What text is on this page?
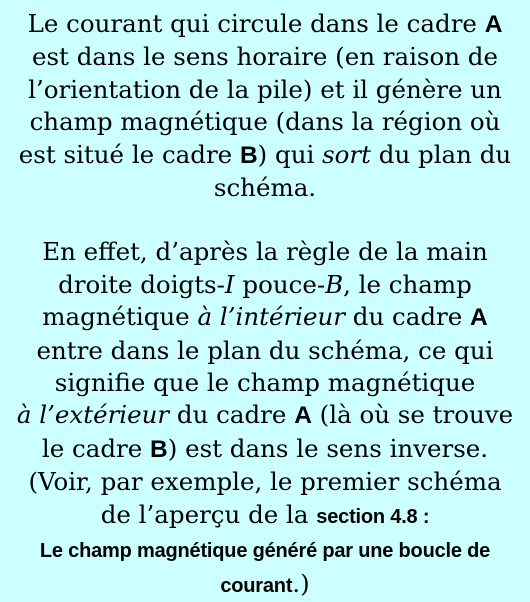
Le courant qui circule dans le cadre A est dans le sens horaire (en raison de l’orientation de la pile) et il génère un champ magnétique (dans la région où est situé le cadre B) qui sort du plan du schéma.

En effet, d’après la règle de la main droite doigts-I pouce-B, le champ magnétique à l’intérieur du cadre A entre dans le plan du schéma, ce qui signifie que le champ magnétique
à l’extérieur du cadre A (là où se trouve le cadre B) est dans le sens inverse. (Voir, par exemple, le premier schéma de l’aperçu de la section 4.8 :
Le champ magnétique généré par une boucle de courant.)
